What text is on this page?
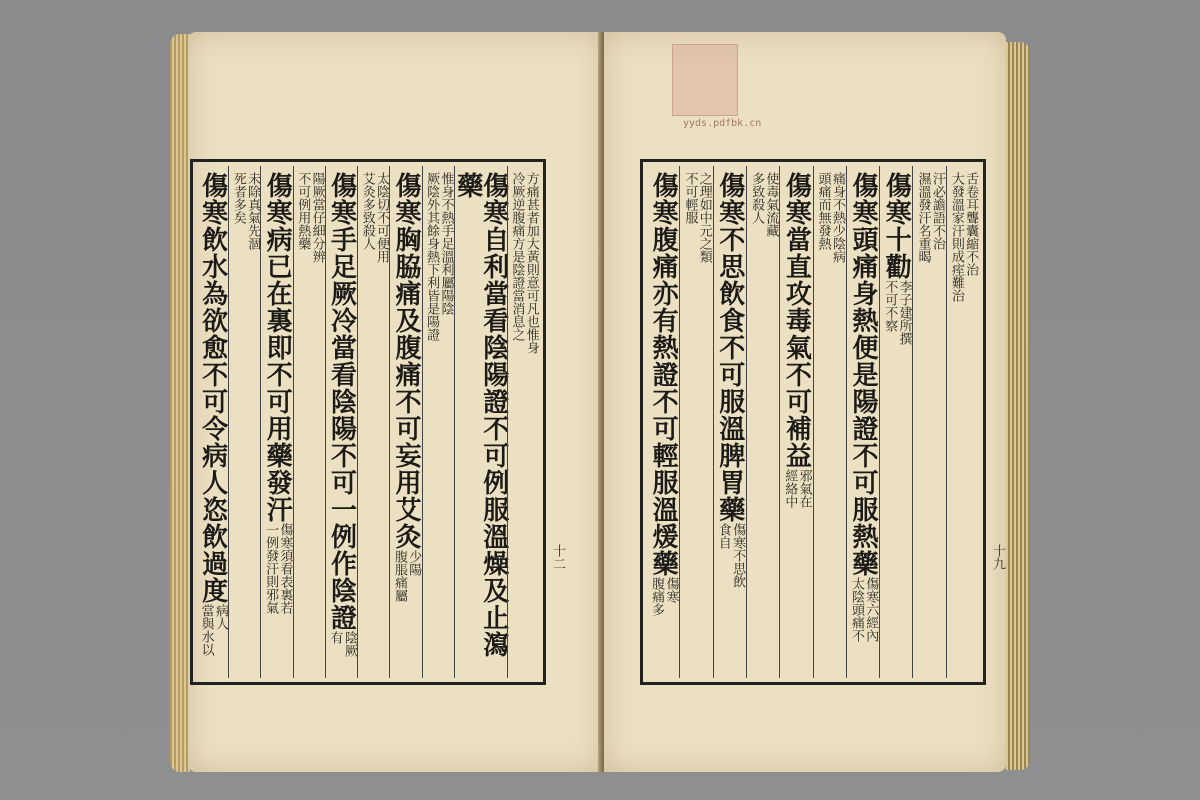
方痛甚者加大黃則意可凡也惟身
冷厥逆腹痛方是陰證當消息之
傷寒自利當看陰陽證不可例服溫燥及止瀉藥
惟身不熱手足溫利屬陽陰
厥陰外其餘身熱下利皆是陽證
傷寒胸脇痛及腹痛不可妄用艾灸
少陽
腹脹痛屬
太陰切不可便用
艾灸多致殺人
傷寒手足厥冷當看陰陽不可一例作陰證
陰厥
有
陽厥當仔細分辨
不可例用熱藥
傷寒病已在裏即不可用藥發汗
傷寒須看表裏若
一例發汗則邪氣
未除真氣先涸
死者多矣
傷寒飲水為欲愈不可令病人恣飲過度
病人
當與水以
舌卷耳聾囊縮不治
大發溫家汗則成痓難治
汗必譫語不治
濕溫發汗名重暍
傷寒十勸
李子建所撰
不可不察
傷寒頭痛身熱便是陽證不可服熱藥
傷寒六經內
太陰頭痛不
痛身不熱少陰病
頭痛而無發熱
傷寒當直攻毒氣不可補益
邪氣在
經絡中
使毒氣流藏
多致殺人
傷寒不思飲食不可服溫脾胃藥
傷寒不思飲
食自
之理如中元之類
不可輕服
傷寒腹痛亦有熱證不可輕服溫煖藥
傷寒
腹痛多
十二	十九
yyds.pdfbk.cn
